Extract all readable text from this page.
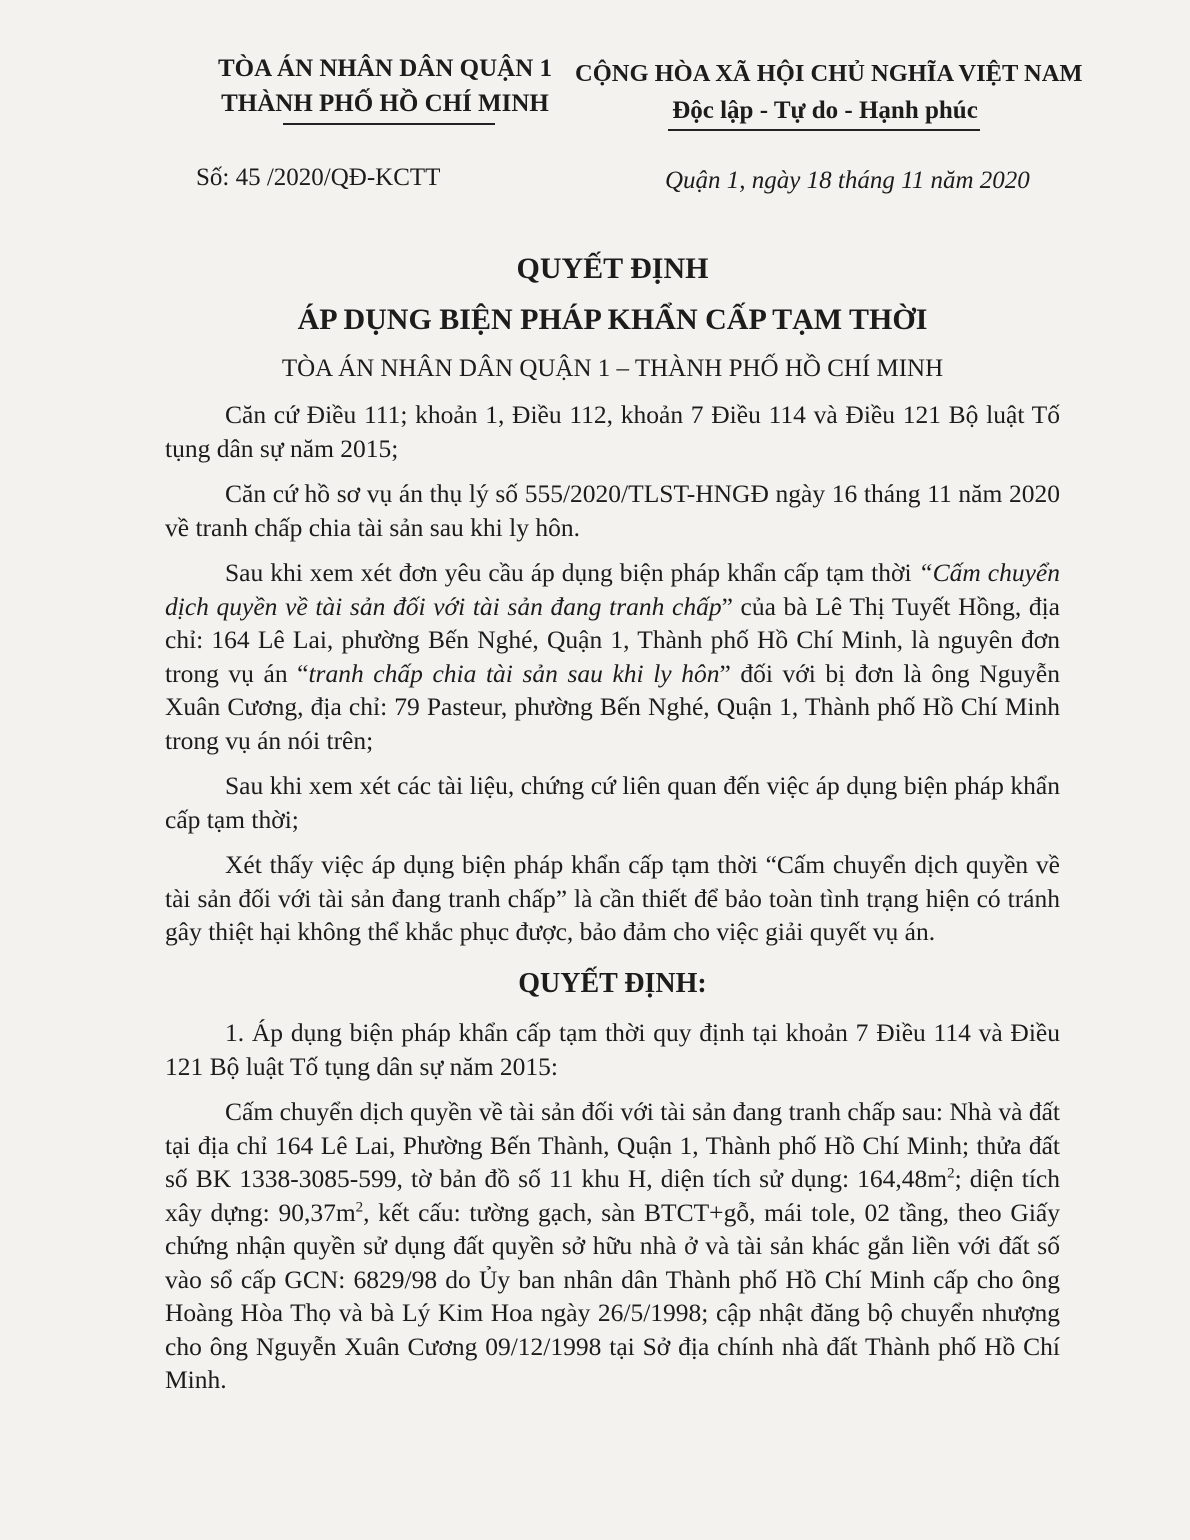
TÒA ÁN NHÂN DÂN QUẬN 1
THÀNH PHỐ HỒ CHÍ MINH
CỘNG HÒA XÃ HỘI CHỦ NGHĨA VIỆT NAM
Độc lập - Tự do - Hạnh phúc
Số: 45 /2020/QĐ-KCTT	Quận 1, ngày 18 tháng 11 năm 2020
QUYẾT ĐỊNH
ÁP DỤNG BIỆN PHÁP KHẨN CẤP TẠM THỜI
TÒA ÁN NHÂN DÂN QUẬN 1 – THÀNH PHỐ HỒ CHÍ MINH

Căn cứ Điều 111; khoản 1, Điều 112, khoản 7 Điều 114 và Điều 121 Bộ luật Tố tụng dân sự năm 2015;

Căn cứ hồ sơ vụ án thụ lý số 555/2020/TLST-HNGĐ ngày 16 tháng 11 năm 2020 về tranh chấp chia tài sản sau khi ly hôn.

Sau khi xem xét đơn yêu cầu áp dụng biện pháp khẩn cấp tạm thời “Cấm chuyển dịch quyền về tài sản đối với tài sản đang tranh chấp” của bà Lê Thị Tuyết Hồng, địa chỉ: 164 Lê Lai, phường Bến Nghé, Quận 1, Thành phố Hồ Chí Minh, là nguyên đơn trong vụ án “tranh chấp chia tài sản sau khi ly hôn” đối với bị đơn là ông Nguyễn Xuân Cương, địa chỉ: 79 Pasteur, phường Bến Nghé, Quận 1, Thành phố Hồ Chí Minh trong vụ án nói trên;

Sau khi xem xét các tài liệu, chứng cứ liên quan đến việc áp dụng biện pháp khẩn cấp tạm thời;

Xét thấy việc áp dụng biện pháp khẩn cấp tạm thời “Cấm chuyển dịch quyền về tài sản đối với tài sản đang tranh chấp” là cần thiết để bảo toàn tình trạng hiện có tránh gây thiệt hại không thể khắc phục được, bảo đảm cho việc giải quyết vụ án.

QUYẾT ĐỊNH:

1. Áp dụng biện pháp khẩn cấp tạm thời quy định tại khoản 7 Điều 114 và Điều 121 Bộ luật Tố tụng dân sự năm 2015:

Cấm chuyển dịch quyền về tài sản đối với tài sản đang tranh chấp sau: Nhà và đất tại địa chỉ 164 Lê Lai, Phường Bến Thành, Quận 1, Thành phố Hồ Chí Minh; thửa đất số BK 1338-3085-599, tờ bản đồ số 11 khu H, diện tích sử dụng: $164,48m^2$; diện tích xây dựng: $90,37m^2$, kết cấu: tường gạch, sàn BTCT+gỗ, mái tole, 02 tầng, theo Giấy chứng nhận quyền sử dụng đất quyền sở hữu nhà ở và tài sản khác gắn liền với đất số vào sổ cấp GCN: 6829/98 do Ủy ban nhân dân Thành phố Hồ Chí Minh cấp cho ông Hoàng Hòa Thọ và bà Lý Kim Hoa ngày 26/5/1998; cập nhật đăng bộ chuyển nhượng cho ông Nguyễn Xuân Cương 09/12/1998 tại Sở địa chính nhà đất Thành phố Hồ Chí Minh.
